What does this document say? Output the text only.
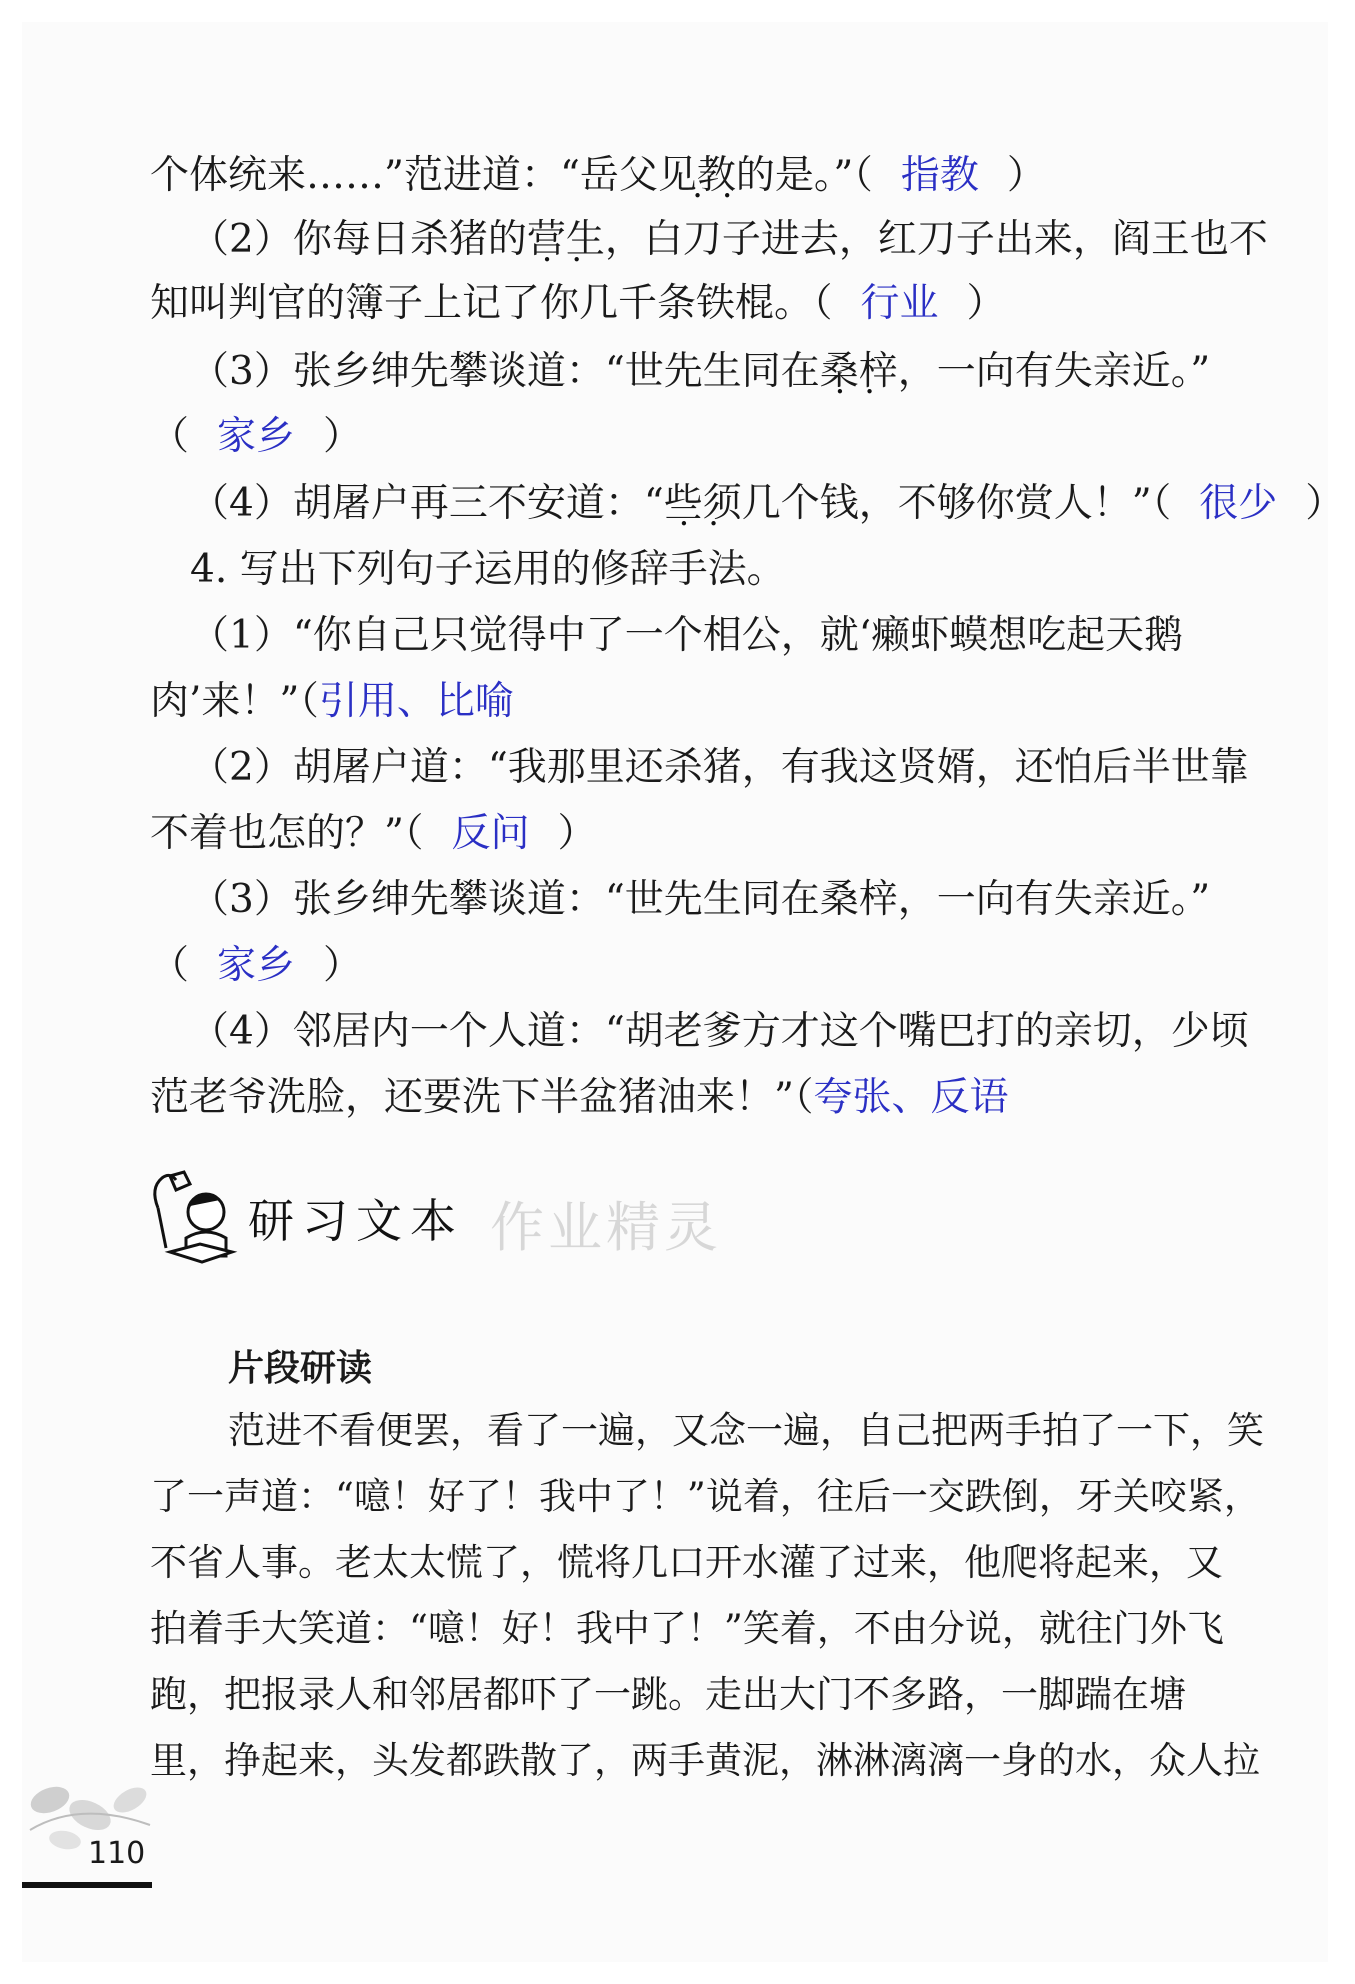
个体统来……”范进道：“岳父见教 • •的是。”（ 指教 ）
（2）你每日杀猪的营生 • •，白刀子进去，红刀子出来，阎王也不
知叫判官的簿子上记了你几千条铁棍。（ 行业 ）
（3）张乡绅先攀谈道：“世先生同在桑梓 • •，一向有失亲近。”
（ 家乡 ）
（4）胡屠户再三不安道：“些须 • •几个钱，不够你赏人！”（ 很少 ）
4. 写出下列句子运用的修辞手法。
（1）“你自己只觉得中了一个相公，就‘癞虾蟆想吃起天鹅
肉’来！”（引用、比喻
（2）胡屠户道：“我那里还杀猪，有我这贤婿，还怕后半世靠
不着也怎的？”（ 反问 ）
（3）张乡绅先攀谈道：“世先生同在桑梓，一向有失亲近。”
（ 家乡 ）
（4）邻居内一个人道：“胡老爹方才这个嘴巴打的亲切，少顷
范老爷洗脸，还要洗下半盆猪油来！”（夸张、反语
研习文本 作业精灵
片段研读
范进不看便罢，看了一遍，又念一遍，自己把两手拍了一下，笑
了一声道：“噫！好了！我中了！”说着，往后一交跌倒，牙关咬紧，
不省人事。老太太慌了，慌将几口开水灌了过来，他爬将起来，又
拍着手大笑道：“噫！好！我中了！”笑着，不由分说，就往门外飞
跑，把报录人和邻居都吓了一跳。走出大门不多路，一脚踹在塘
里，挣起来，头发都跌散了，两手黄泥，淋淋漓漓一身的水，众人拉
110
